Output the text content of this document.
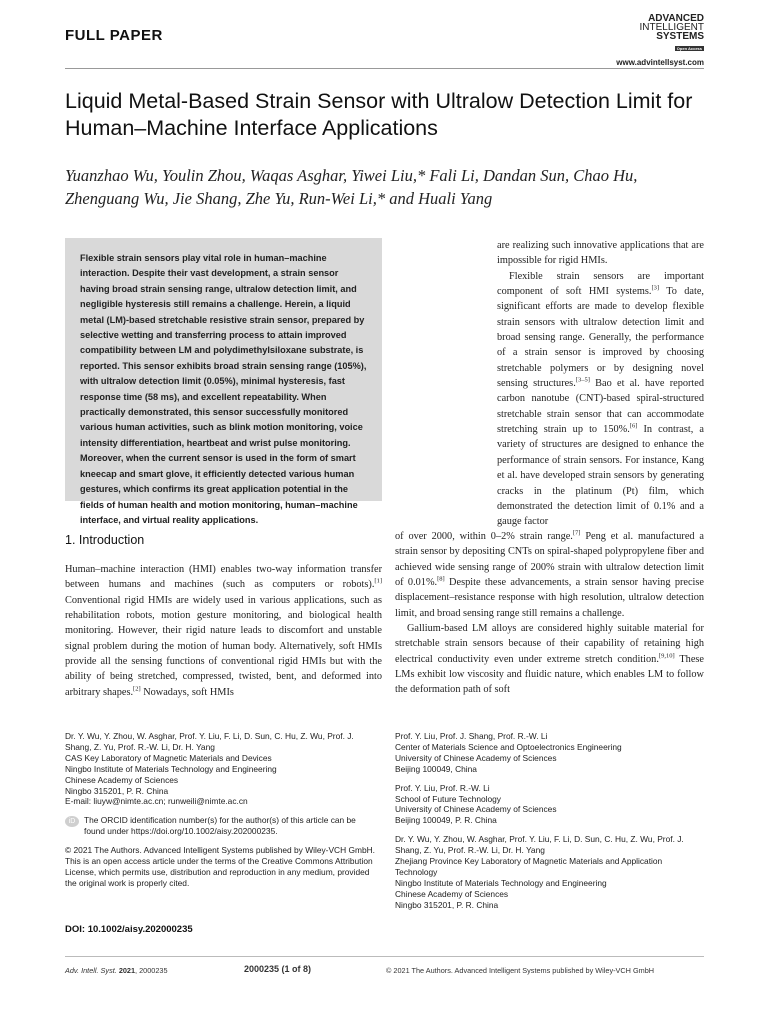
FULL PAPER
ADVANCED
INTELLIGENT
SYSTEMS
Open Access
www.advintellsyst.com
Liquid Metal-Based Strain Sensor with Ultralow Detection Limit for Human–Machine Interface Applications
Yuanzhao Wu, Youlin Zhou, Waqas Asghar, Yiwei Liu,* Fali Li, Dandan Sun, Chao Hu, Zhenguang Wu, Jie Shang, Zhe Yu, Run-Wei Li,* and Huali Yang
Flexible strain sensors play vital role in human–machine interaction. Despite their vast development, a strain sensor having broad strain sensing range, ultralow detection limit, and negligible hysteresis still remains a challenge. Herein, a liquid metal (LM)-based stretchable resistive strain sensor, prepared by selective wetting and transferring process to attain improved compatibility between LM and polydimethylsiloxane substrate, is reported. This sensor exhibits broad strain sensing range (105%), with ultralow detection limit (0.05%), minimal hysteresis, fast response time (58 ms), and excellent repeatability. When practically demonstrated, this sensor successfully monitored various human activities, such as blink motion monitoring, voice intensity differentiation, heartbeat and wrist pulse monitoring. Moreover, when the current sensor is used in the form of smart kneecap and smart glove, it efficiently detected various human gestures, which confirms its great application potential in the fields of human health and motion monitoring, human–machine interface, and virtual reality applications.

are realizing such innovative applications that are impossible for rigid HMIs.

Flexible strain sensors are important component of soft HMI systems.[3] To date, significant efforts are made to develop flexible strain sensors with ultralow detection limit and broad sensing range. Generally, the performance of a strain sensor is improved by choosing stretchable polymers or by designing novel sensing structures.[3–5] Bao et al. have reported carbon nanotube (CNT)-based spiral-structured stretchable strain sensor that can accommodate stretching strain up to 150%.[6] In contrast, a variety of structures are designed to enhance the performance of strain sensors. For instance, Kang et al. have developed strain sensors by generating cracks in the platinum (Pt) film, which demonstrated the detection limit of 0.1% and a gauge factor

of over 2000, within 0–2% strain range.[7] Peng et al. manufactured a strain sensor by depositing CNTs on spiral-shaped polypropylene fiber and achieved wide sensing range of 200% strain with ultralow detection limit of 0.01%.[8] Despite these advancements, a strain sensor having precise displacement–resistance response with high resolution, ultralow detection limit, and broad sensing range still remains a challenge.

Gallium-based LM alloys are considered highly suitable material for stretchable strain sensors because of their capability of retaining high electrical conductivity even under extreme stretch condition.[9,10] These LMs exhibit low viscosity and fluidic nature, which enables LM to follow the deformation path of soft

1. Introduction

Human–machine interaction (HMI) enables two-way information transfer between humans and machines (such as computers or robots).[1] Conventional rigid HMIs are widely used in various applications, such as rehabilitation robots, motion gesture monitoring, and biological health monitoring. However, their rigid nature leads to discomfort and unstable signal problem during the motion of human body. Alternatively, soft HMIs provide all the sensing functions of conventional rigid HMIs but with the ability of being stretched, compressed, twisted, bent, and deformed into arbitrary shapes.[2] Nowadays, soft HMIs

Dr. Y. Wu, Y. Zhou, W. Asghar, Prof. Y. Liu, F. Li, D. Sun, C. Hu, Z. Wu, Prof. J. Shang, Z. Yu, Prof. R.-W. Li, Dr. H. Yang
CAS Key Laboratory of Magnetic Materials and Devices
Ningbo Institute of Materials Technology and Engineering
Chinese Academy of Sciences
Ningbo 315201, P. R. China
E-mail: liuyw@nimte.ac.cn; runweili@nimte.ac.cn

iD	The ORCID identification number(s) for the author(s) of this article can be found under https://doi.org/10.1002/aisy.202000235.

© 2021 The Authors. Advanced Intelligent Systems published by Wiley-VCH GmbH. This is an open access article under the terms of the Creative Commons Attribution License, which permits use, distribution and reproduction in any medium, provided the original work is properly cited.

DOI: 10.1002/aisy.202000235

Prof. Y. Liu, Prof. J. Shang, Prof. R.-W. Li
Center of Materials Science and Optoelectronics Engineering
University of Chinese Academy of Sciences
Beijing 100049, China

Prof. Y. Liu, Prof. R.-W. Li
School of Future Technology
University of Chinese Academy of Sciences
Beijing 100049, P. R. China

Dr. Y. Wu, Y. Zhou, W. Asghar, Prof. Y. Liu, F. Li, D. Sun, C. Hu, Z. Wu, Prof. J. Shang, Z. Yu, Prof. R.-W. Li, Dr. H. Yang
Zhejiang Province Key Laboratory of Magnetic Materials and Application Technology
Ningbo Institute of Materials Technology and Engineering
Chinese Academy of Sciences
Ningbo 315201, P. R. China

Adv. Intell. Syst. 2021, 2000235	2000235 (1 of 8)	© 2021 The Authors. Advanced Intelligent Systems published by Wiley-VCH GmbH
